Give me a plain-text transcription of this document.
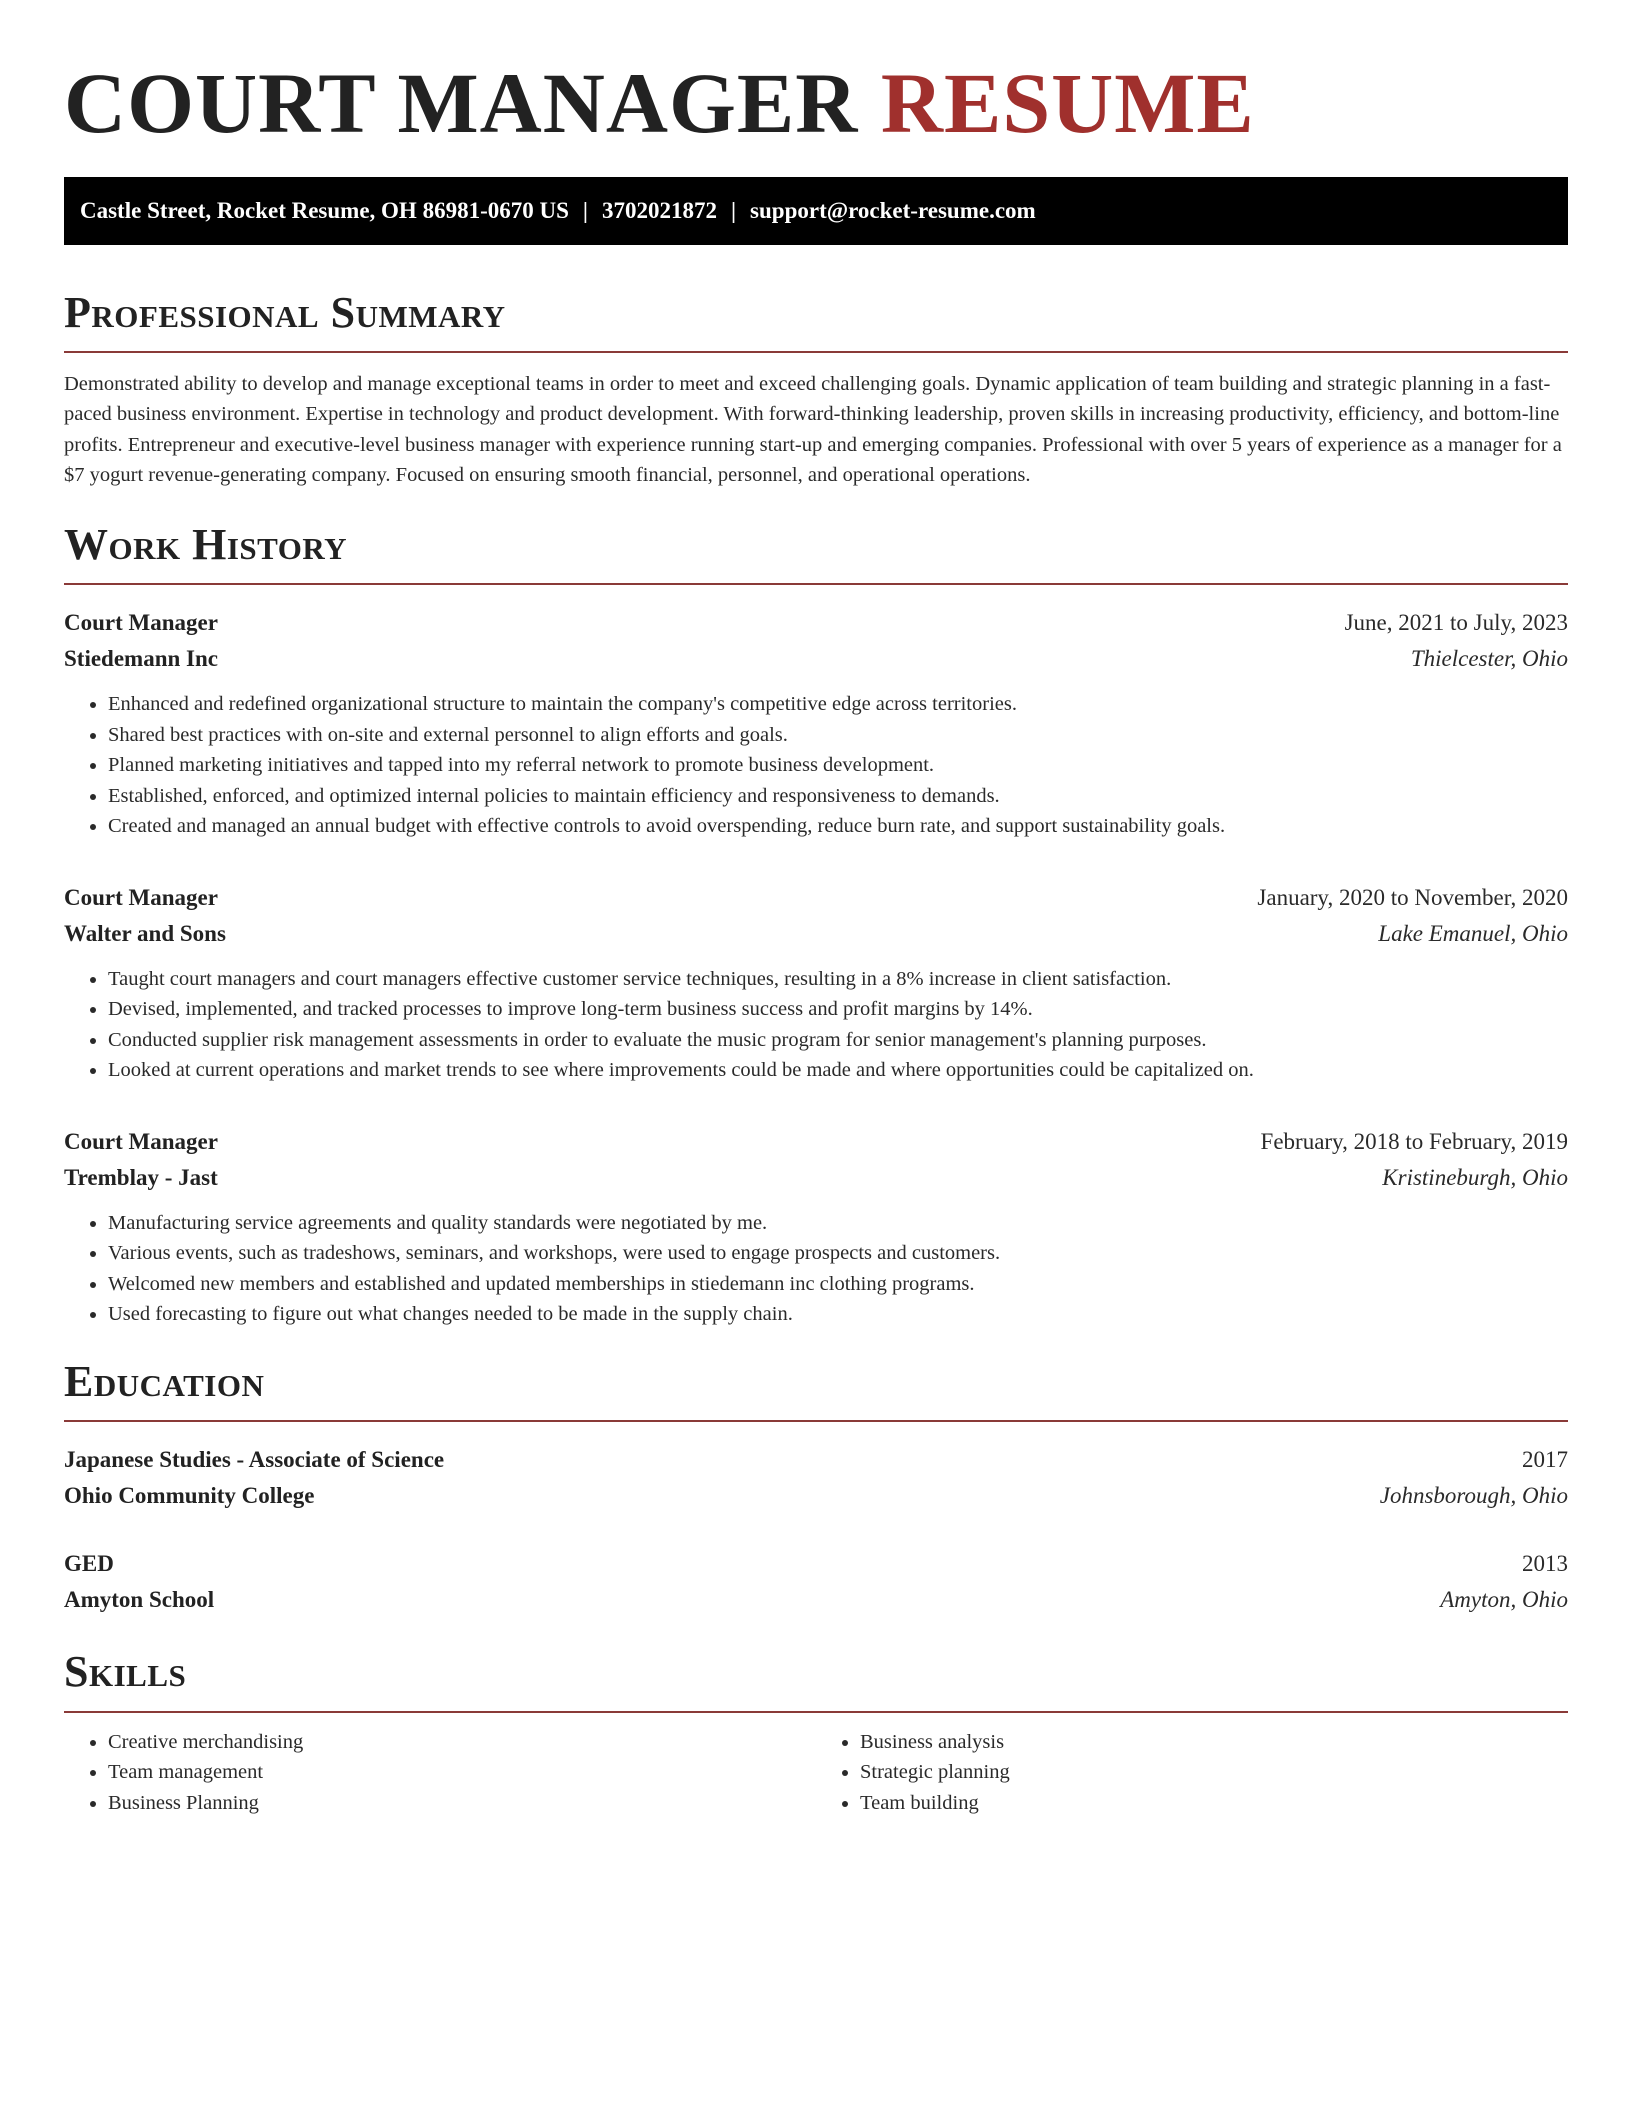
COURT MANAGER RESUME
Castle Street, Rocket Resume, OH 86981-0670 US | 3702021872 | support@rocket-resume.com
Professional Summary

Demonstrated ability to develop and manage exceptional teams in order to meet and exceed challenging goals. Dynamic application of team building and strategic planning in a fast-paced business environment. Expertise in technology and product development. With forward-thinking leadership, proven skills in increasing productivity, efficiency, and bottom-line profits. Entrepreneur and executive-level business manager with experience running start-up and emerging companies. Professional with over 5 years of experience as a manager for a $7 yogurt revenue-generating company. Focused on ensuring smooth financial, personnel, and operational operations.

Work History
Court Manager	June, 2021 to July, 2023
Stiedemann Inc	Thielcester, Ohio
• Enhanced and redefined organizational structure to maintain the company's competitive edge across territories.
• Shared best practices with on-site and external personnel to align efforts and goals.
• Planned marketing initiatives and tapped into my referral network to promote business development.
• Established, enforced, and optimized internal policies to maintain efficiency and responsiveness to demands.
• Created and managed an annual budget with effective controls to avoid overspending, reduce burn rate, and support sustainability goals.
Court Manager	January, 2020 to November, 2020
Walter and Sons	Lake Emanuel, Ohio
• Taught court managers and court managers effective customer service techniques, resulting in a 8% increase in client satisfaction.
• Devised, implemented, and tracked processes to improve long-term business success and profit margins by 14%.
• Conducted supplier risk management assessments in order to evaluate the music program for senior management's planning purposes.
• Looked at current operations and market trends to see where improvements could be made and where opportunities could be capitalized on.
Court Manager	February, 2018 to February, 2019
Tremblay - Jast	Kristineburgh, Ohio
• Manufacturing service agreements and quality standards were negotiated by me.
• Various events, such as tradeshows, seminars, and workshops, were used to engage prospects and customers.
• Welcomed new members and established and updated memberships in stiedemann inc clothing programs.
• Used forecasting to figure out what changes needed to be made in the supply chain.
Education
Japanese Studies - Associate of Science	2017
Ohio Community College	Johnsborough, Ohio
GED	2013
Amyton School	Amyton, Ohio
Skills
• Creative merchandising
• Team management
• Business Planning
• Business analysis
• Strategic planning
• Team building
